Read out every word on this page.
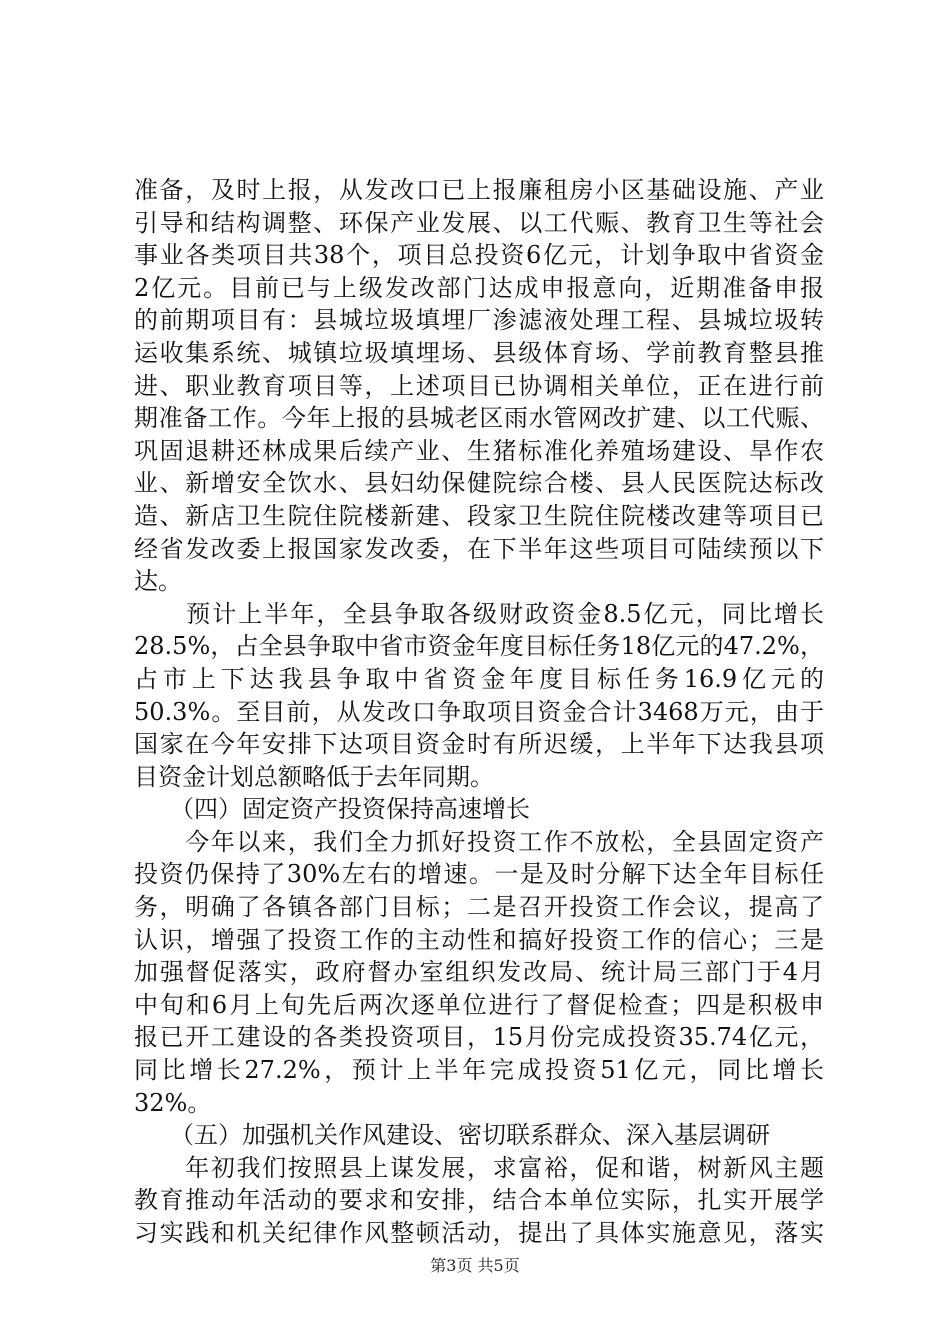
准备，及时上报，从发改口已上报廉租房小区基础设施、产业
引导和结构调整、环保产业发展、以工代赈、教育卫生等社会
事业各类项目共38个，项目总投资6亿元，计划争取中省资金
2亿元。目前已与上级发改部门达成申报意向，近期准备申报
的前期项目有：县城垃圾填埋厂渗滤液处理工程、县城垃圾转
运收集系统、城镇垃圾填埋场、县级体育场、学前教育整县推
进、职业教育项目等，上述项目已协调相关单位，正在进行前
期准备工作。今年上报的县城老区雨水管网改扩建、以工代赈、
巩固退耕还林成果后续产业、生猪标准化养殖场建设、旱作农
业、新增安全饮水、县妇幼保健院综合楼、县人民医院达标改
造、新店卫生院住院楼新建、段家卫生院住院楼改建等项目已
经省发改委上报国家发改委，在下半年这些项目可陆续预以下
达。
　　预计上半年，全县争取各级财政资金8.5亿元，同比增长
28.5%，占全县争取中省市资金年度目标任务18亿元的47.2%，
占市上下达我县争取中省资金年度目标任务16.9亿元的
50.3%。至目前，从发改口争取项目资金合计3468万元，由于
国家在今年安排下达项目资金时有所迟缓，上半年下达我县项
目资金计划总额略低于去年同期。
　　（四）固定资产投资保持高速增长
　　今年以来，我们全力抓好投资工作不放松，全县固定资产
投资仍保持了30%左右的增速。一是及时分解下达全年目标任
务，明确了各镇各部门目标；二是召开投资工作会议，提高了
认识，增强了投资工作的主动性和搞好投资工作的信心；三是
加强督促落实，政府督办室组织发改局、统计局三部门于4月
中旬和6月上旬先后两次逐单位进行了督促检查；四是积极申
报已开工建设的各类投资项目，15月份完成投资35.74亿元，
同比增长27.2%，预计上半年完成投资51亿元，同比增长
32%。
　　（五）加强机关作风建设、密切联系群众、深入基层调研
　　年初我们按照县上谋发展，求富裕，促和谐，树新风主题
教育推动年活动的要求和安排，结合本单位实际，扎实开展学
习实践和机关纪律作风整顿活动，提出了具体实施意见，落实
第3页 共5页
